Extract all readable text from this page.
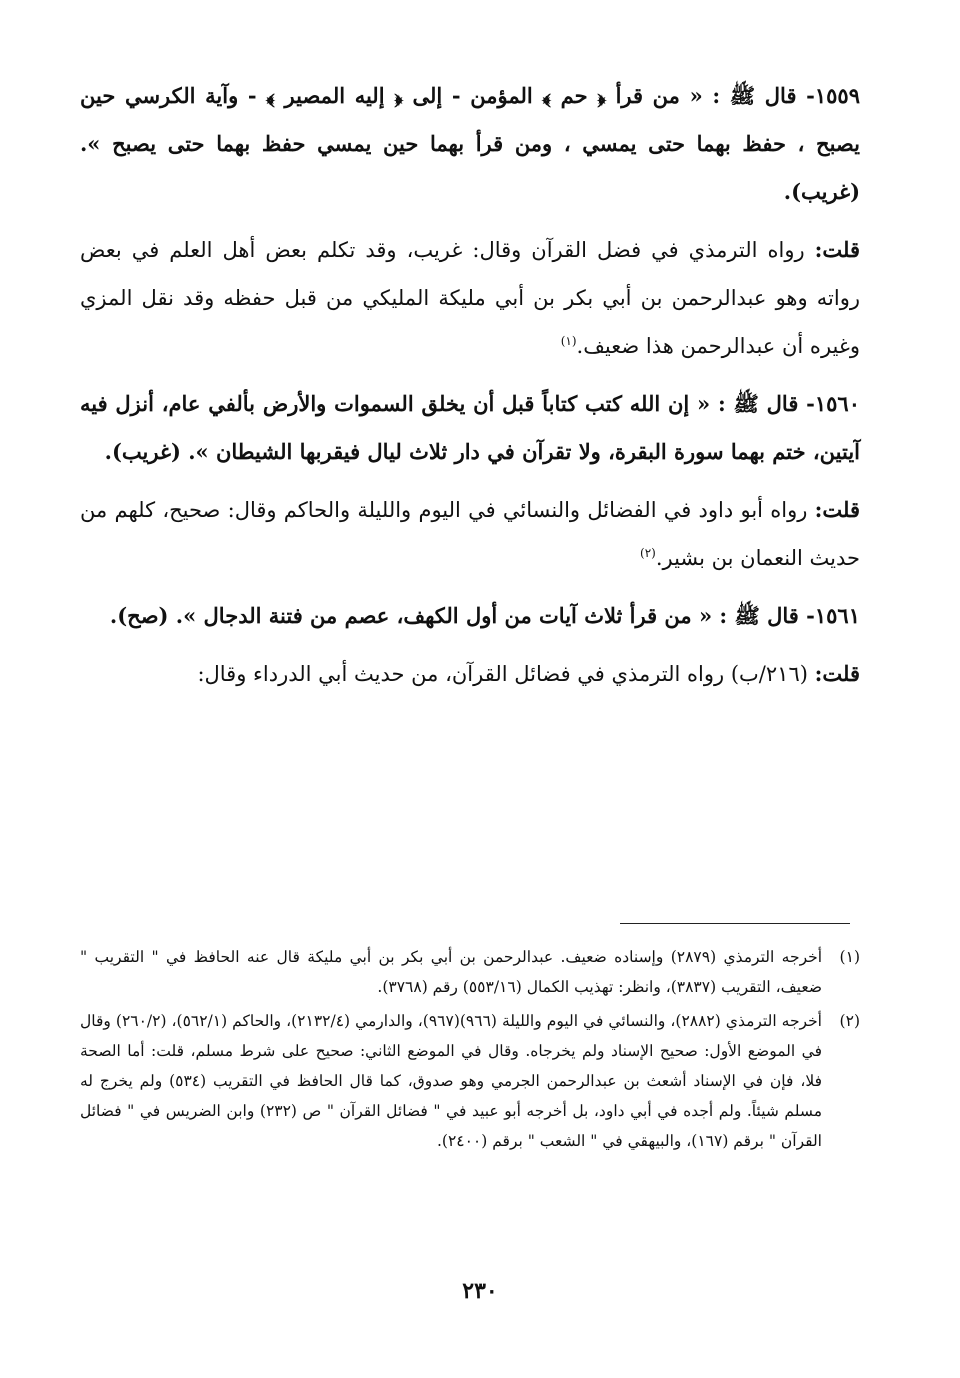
١٥٥٩- قال ﷺ : « من قرأ ﴿ حم ﴾ المؤمن - إلى ﴿ إليه المصير ﴾ - وآية الكرسي حين يصبح ، حفظ بهما حتى يمسي ، ومن قرأ بهما حين يمسي حفظ بهما حتى يصبح ». (غريب).

قلت: رواه الترمذي في فضل القرآن وقال: غريب، وقد تكلم بعض أهل العلم في بعض رواته وهو عبدالرحمن بن أبي بكر بن أبي مليكة المليكي من قبل حفظه وقد نقل المزي وغيره أن عبدالرحمن هذا ضعيف.$^{(١)}$

١٥٦٠- قال ﷺ : « إن الله كتب كتاباً قبل أن يخلق السموات والأرض بألفي عام، أنزل فيه آيتين، ختم بهما سورة البقرة، ولا تقرآن في دار ثلاث ليال فيقربها الشيطان ». (غريب).

قلت: رواه أبو داود في الفضائل والنسائي في اليوم والليلة والحاكم وقال: صحيح، كلهم من حديث النعمان بن بشير.$^{(٢)}$

١٥٦١- قال ﷺ : « من قرأ ثلاث آيات من أول الكهف، عصم من فتنة الدجال ». (صح).

قلت: (٢١٦/ب) رواه الترمذي في فضائل القرآن، من حديث أبي الدرداء وقال:

(١)
أخرجه الترمذي (٢٨٧٩) وإسناده ضعيف. عبدالرحمن بن أبي بكر بن أبي مليكة قال عنه الحافظ في " التقريب " ضعيف، التقريب (٣٨٣٧)، وانظر: تهذيب الكمال (٥٥٣/١٦) رقم (٣٧٦٨).
(٢)
أخرجه الترمذي (٢٨٨٢)، والنسائي في اليوم والليلة (٩٦٦)(٩٦٧)، والدارمي (٢١٣٢/٤)، والحاكم (٥٦٢/١)، (٢٦٠/٢) وقال في الموضع الأول: صحيح الإسناد ولم يخرجاه. وقال في الموضع الثاني: صحيح على شرط مسلم، قلت: أما الصحة فلا، فإن في الإسناد أشعث بن عبدالرحمن الجرمي وهو صدوق، كما قال الحافظ في التقريب (٥٣٤) ولم يخرج له مسلم شيئاً. ولم أجده في أبي داود، بل أخرجه أبو عبيد في " فضائل القرآن " ص (٢٣٢) وابن الضريس في " فضائل القرآن " برقم (١٦٧)، والبيهقي في " الشعب " برقم (٢٤٠٠).
٢٣٠
